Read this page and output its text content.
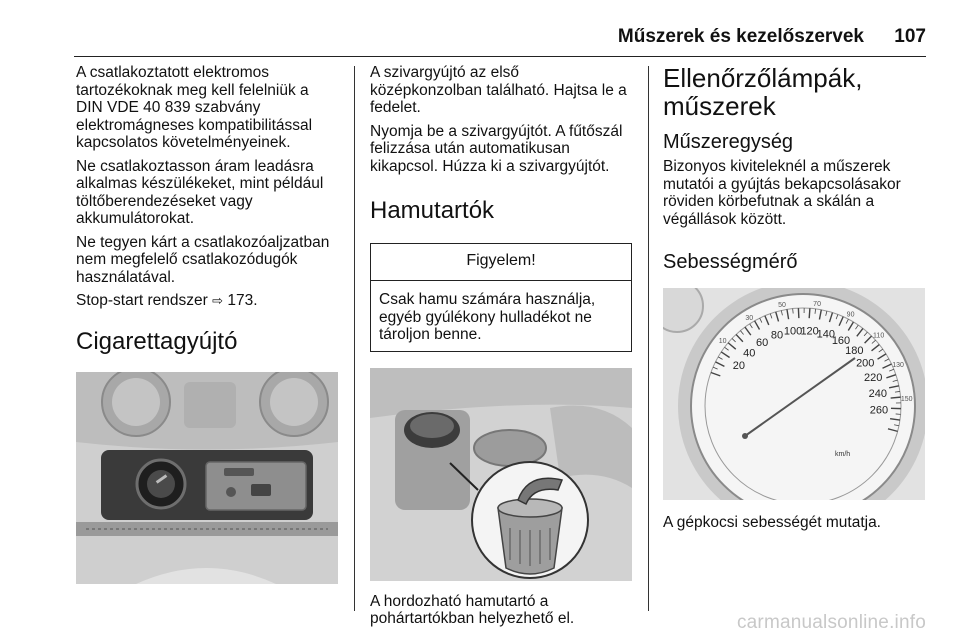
Műszerek és kezelőszervek 107

A csatlakoztatott elektromos tartozékoknak meg kell felelniük a DIN VDE 40 839 szabvány elektromágneses kompatibilitással kapcsolatos követelményeinek.

Ne csatlakoztasson áram leadásra alkalmas készülékeket, mint például töltőberendezéseket vagy akkumulátorokat.

Ne tegyen kárt a csatlakozóaljzatban nem megfelelő csatlakozódugók használatával.

Stop-start rendszer ⇨ 173.

Cigarettagyújtó

A szivargyújtó az első középkonzolban található. Hajtsa le a fedelet.

Nyomja be a szivargyújtót. A fűtőszál felizzása után automatikusan kikapcsol. Húzza ki a szivargyújtót.

Hamutartók
Figyelem!
Csak hamu számára használja, egyéb gyúlékony hulladékot ne tároljon benne.

A hordozható hamutartó a pohártartókban helyezhető el.

Ellenőrzőlámpák, műszerek
Műszeregység

Bizonyos kiviteleknél a műszerek mutatói a gyújtás bekapcsolásakor röviden körbefutnak a skálán a végállások között.

Sebességmérő
20
40
60
80 100
120
140
160
180
200
220
240
260
10
30
50	70
90
110
130
150
km/h

A gépkocsi sebességét mutatja.

carmanualsonline.info
